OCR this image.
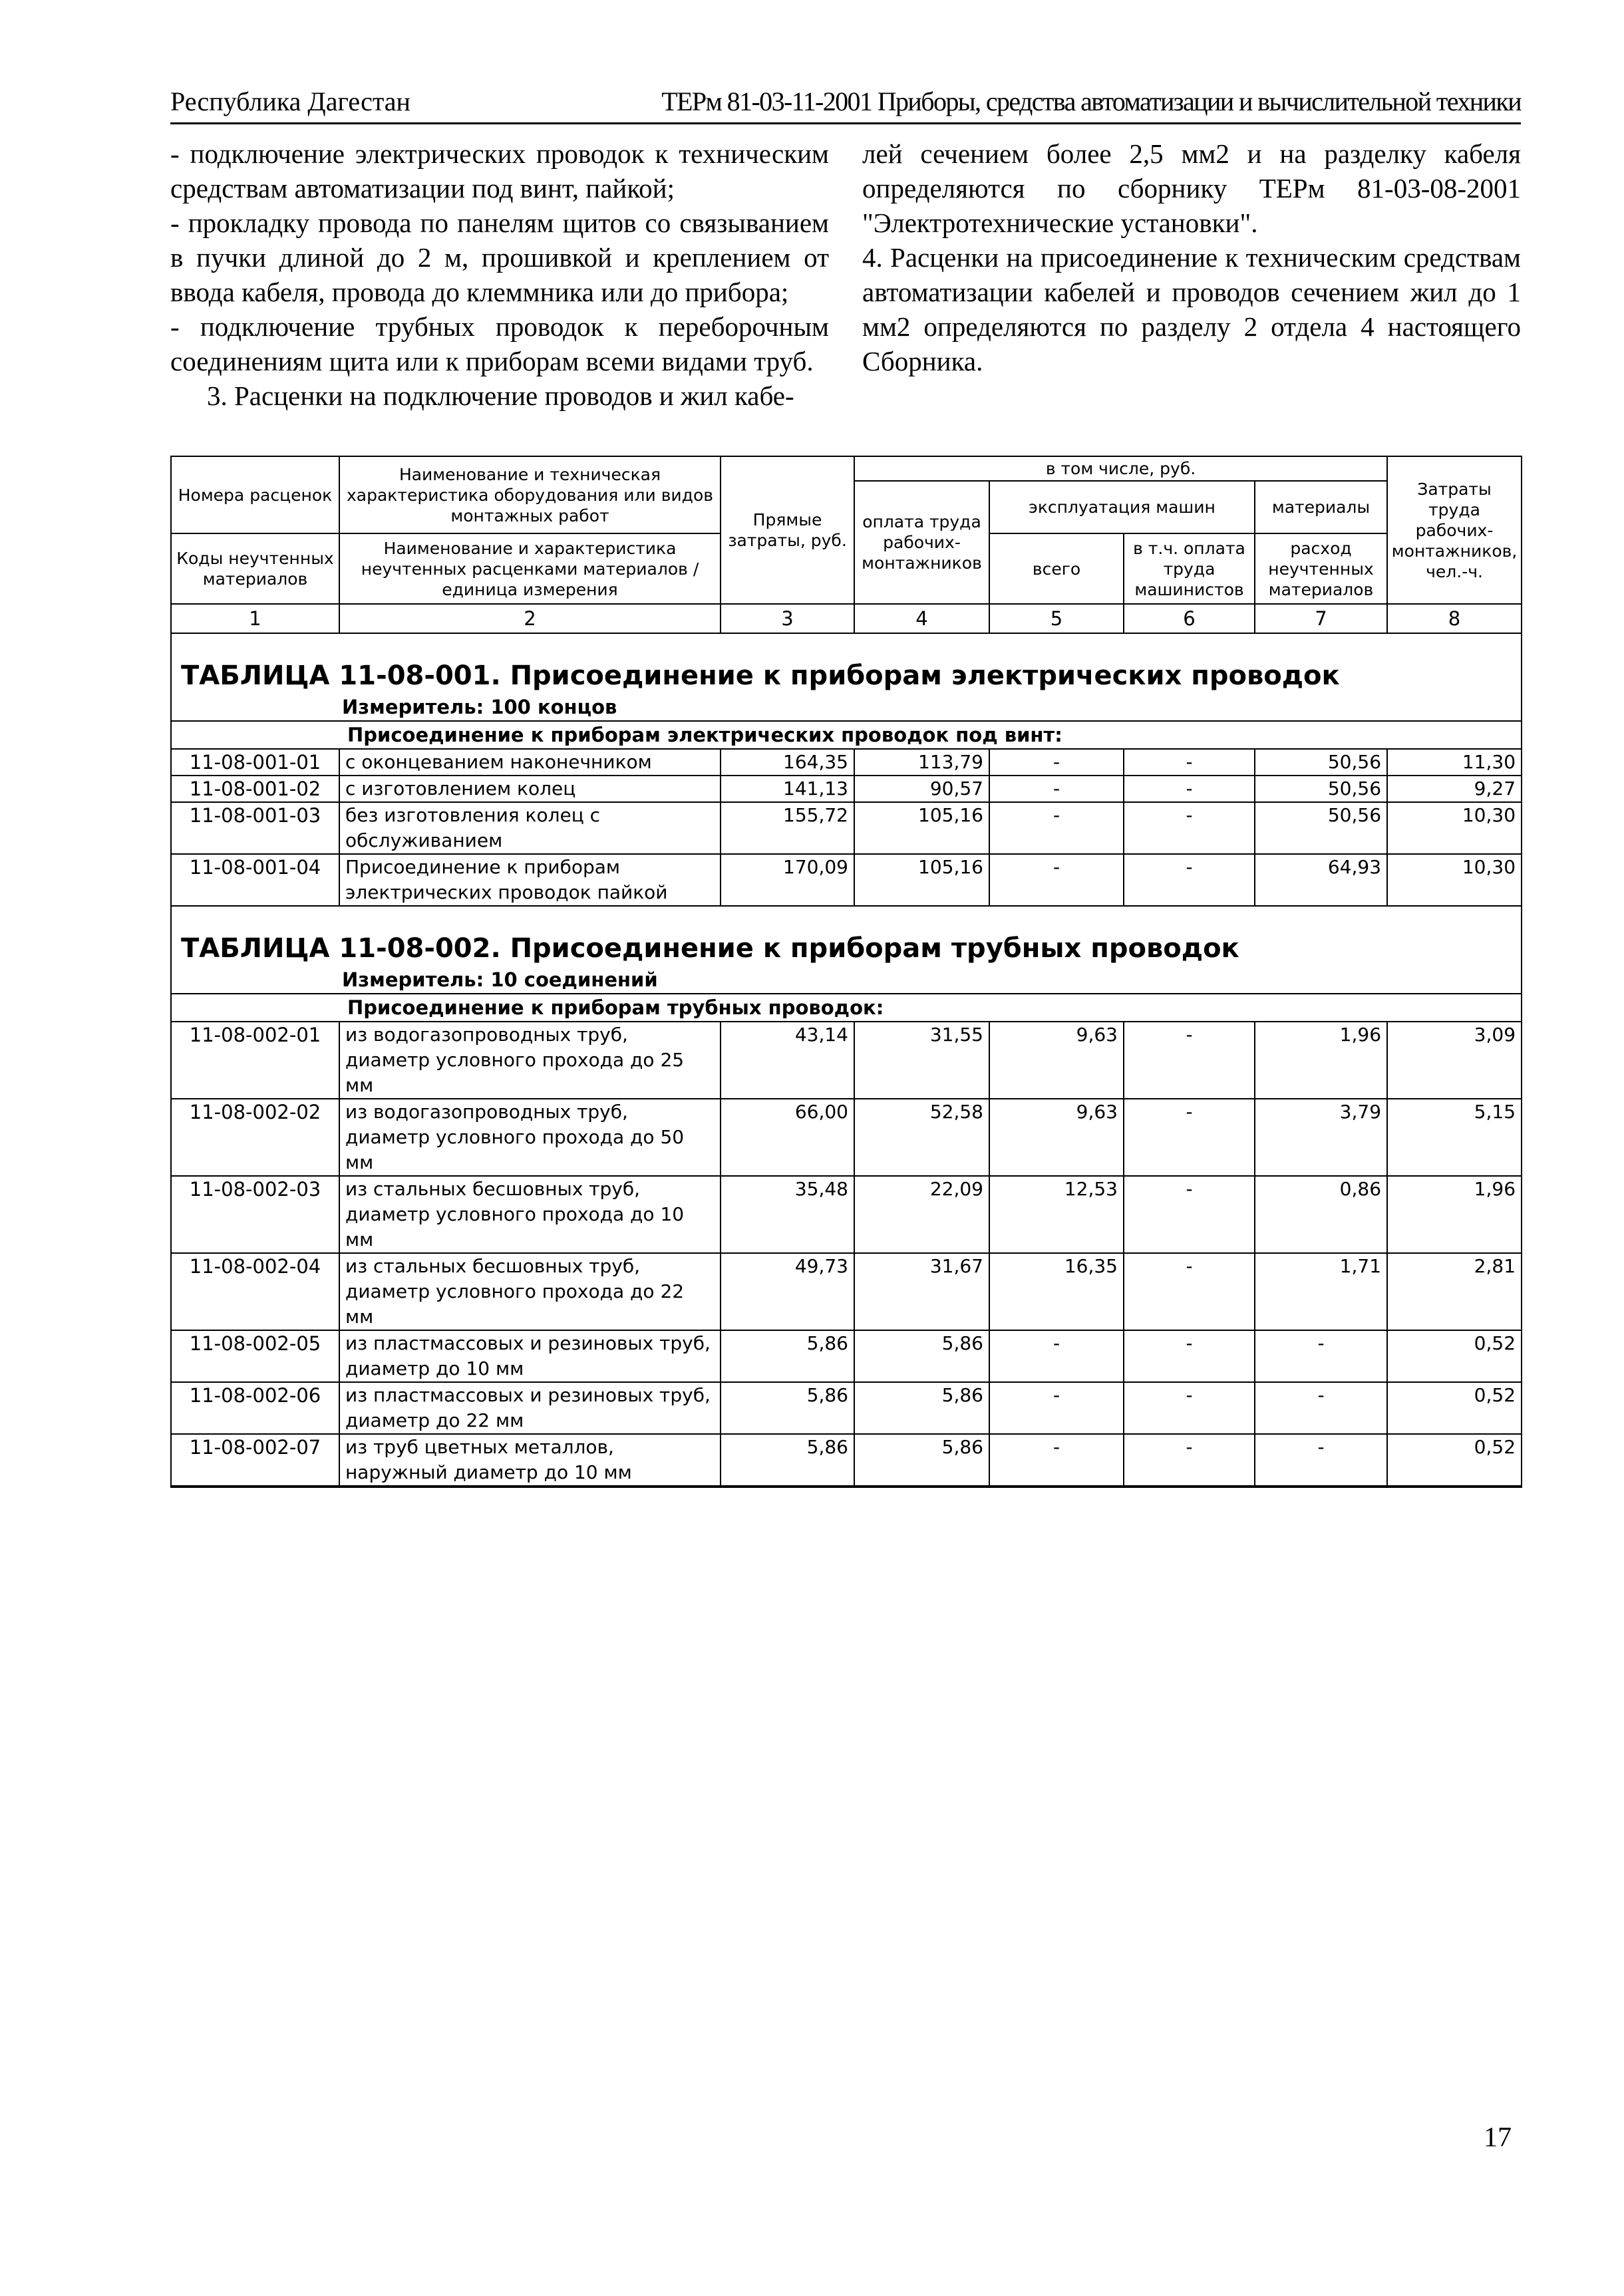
Республика Дагестан	ТЕРм 81-03-11-2001 Приборы, средства автоматизации и вычислительной техники

- подключение электрических проводок к техническим средствам автоматизации под винт, пайкой;

- прокладку провода по панелям щитов со связыванием в пучки длиной до 2 м, прошивкой и креплением от ввода кабеля, провода до клеммника или до прибора;

- подключение трубных проводок к переборочным соединениям щита или к приборам всеми видами труб.

3. Расценки на подключение проводов и жил кабе-

лей сечением более 2,5 мм2 и на разделку кабеля определяются по сборнику ТЕРм 81-03-08-2001 "Электротехнические установки".

4. Расценки на присоединение к техническим средствам автоматизации кабелей и проводов сечением жил до 1 мм2 определяются по разделу 2 отдела 4 настоящего Сборника.

Номера расценок	Наименование и техническая характеристика оборудования или видов монтажных работ	Прямые затраты, руб.	в том числе, руб.				Затраты труда рабочих-монтажников, чел.-ч.
			оплата труда рабочих-монтажников	эксплуатация машин		материалы	
Коды неучтенных материалов	Наименование и характеристика неучтенных расценками материалов / единица измерения			всего	в т.ч. оплата труда машинистов	расход неучтенных материалов	

1	2	3	4	5	6	7	8

ТАБЛИЦА 11-08-001. Присоединение к приборам электрических проводок
Измеритель: 100 концов							

Присоединение к приборам электрических проводок под винт:							
11-08-001-01	с оконцеванием наконечником	164,35	113,79	-	-	50,56	11,30
11-08-001-02	с изготовлением колец	141,13	90,57	-	-	50,56	9,27
11-08-001-03	без изготовления колец с обслуживанием	155,72	105,16	-	-	50,56	10,30
11-08-001-04	Присоединение к приборам электрических проводок пайкой	170,09	105,16	-	-	64,93	10,30

ТАБЛИЦА 11-08-002. Присоединение к приборам трубных проводок
Измеритель: 10 соединений							

Присоединение к приборам трубных проводок:							
11-08-002-01	из водогазопроводных труб, диаметр условного прохода до 25 мм	43,14	31,55	9,63	-	1,96	3,09
11-08-002-02	из водогазопроводных труб, диаметр условного прохода до 50 мм	66,00	52,58	9,63	-	3,79	5,15
11-08-002-03	из стальных бесшовных труб, диаметр условного прохода до 10 мм	35,48	22,09	12,53	-	0,86	1,96
11-08-002-04	из стальных бесшовных труб, диаметр условного прохода до 22 мм	49,73	31,67	16,35	-	1,71	2,81
11-08-002-05	из пластмассовых и резиновых труб, диаметр до 10 мм	5,86	5,86	-	-	-	0,52
11-08-002-06	из пластмассовых и резиновых труб, диаметр до 22 мм	5,86	5,86	-	-	-	0,52
11-08-002-07	из труб цветных металлов, наружный диаметр до 10 мм	5,86	5,86	-	-	-	0,52
17
